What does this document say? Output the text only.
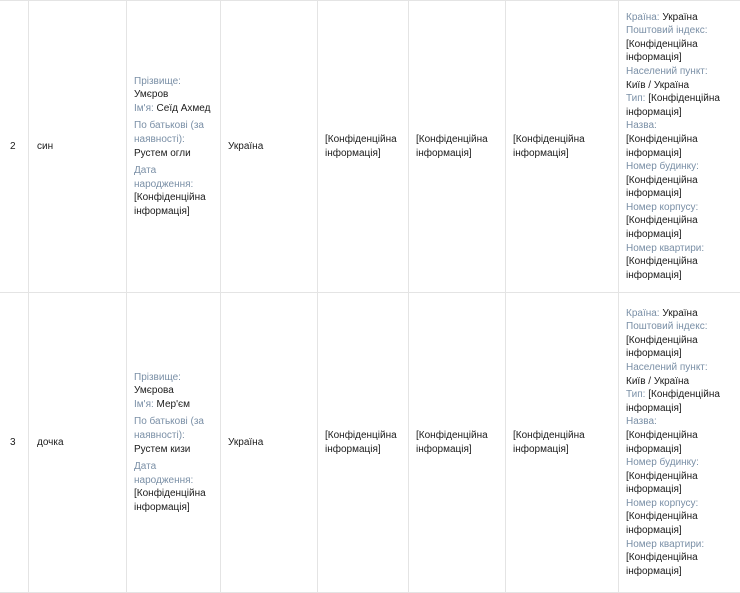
2 син
Прізвище:
Умєров
Ім'я: Сеїд Ахмед
По батькові (за наявності):
Рустем огли
Дата народження:
[Конфіденційна інформація]
Україна
[Конфіденційна інформація]
[Конфіденційна інформація]
[Конфіденційна інформація]
Країна: Україна
Поштовий індекс:
[Конфіденційна інформація]
Населений пункт:
Київ / Україна
Тип: [Конфіденційна інформація]
Назва:
[Конфіденційна інформація]
Номер будинку:
[Конфіденційна інформація]
Номер корпусу:
[Конфіденційна інформація]
Номер квартири:
[Конфіденційна інформація]
3 дочка
Прізвище:
Умєрова
Ім'я: Мер'єм
По батькові (за наявності):
Рустем кизи
Дата народження:
[Конфіденційна інформація]
Україна
[Конфіденційна інформація]
[Конфіденційна інформація]
[Конфіденційна інформація]
Країна: Україна
Поштовий індекс:
[Конфіденційна інформація]
Населений пункт:
Київ / Україна
Тип: [Конфіденційна інформація]
Назва:
[Конфіденційна інформація]
Номер будинку:
[Конфіденційна інформація]
Номер корпусу:
[Конфіденційна інформація]
Номер квартири:
[Конфіденційна інформація]
